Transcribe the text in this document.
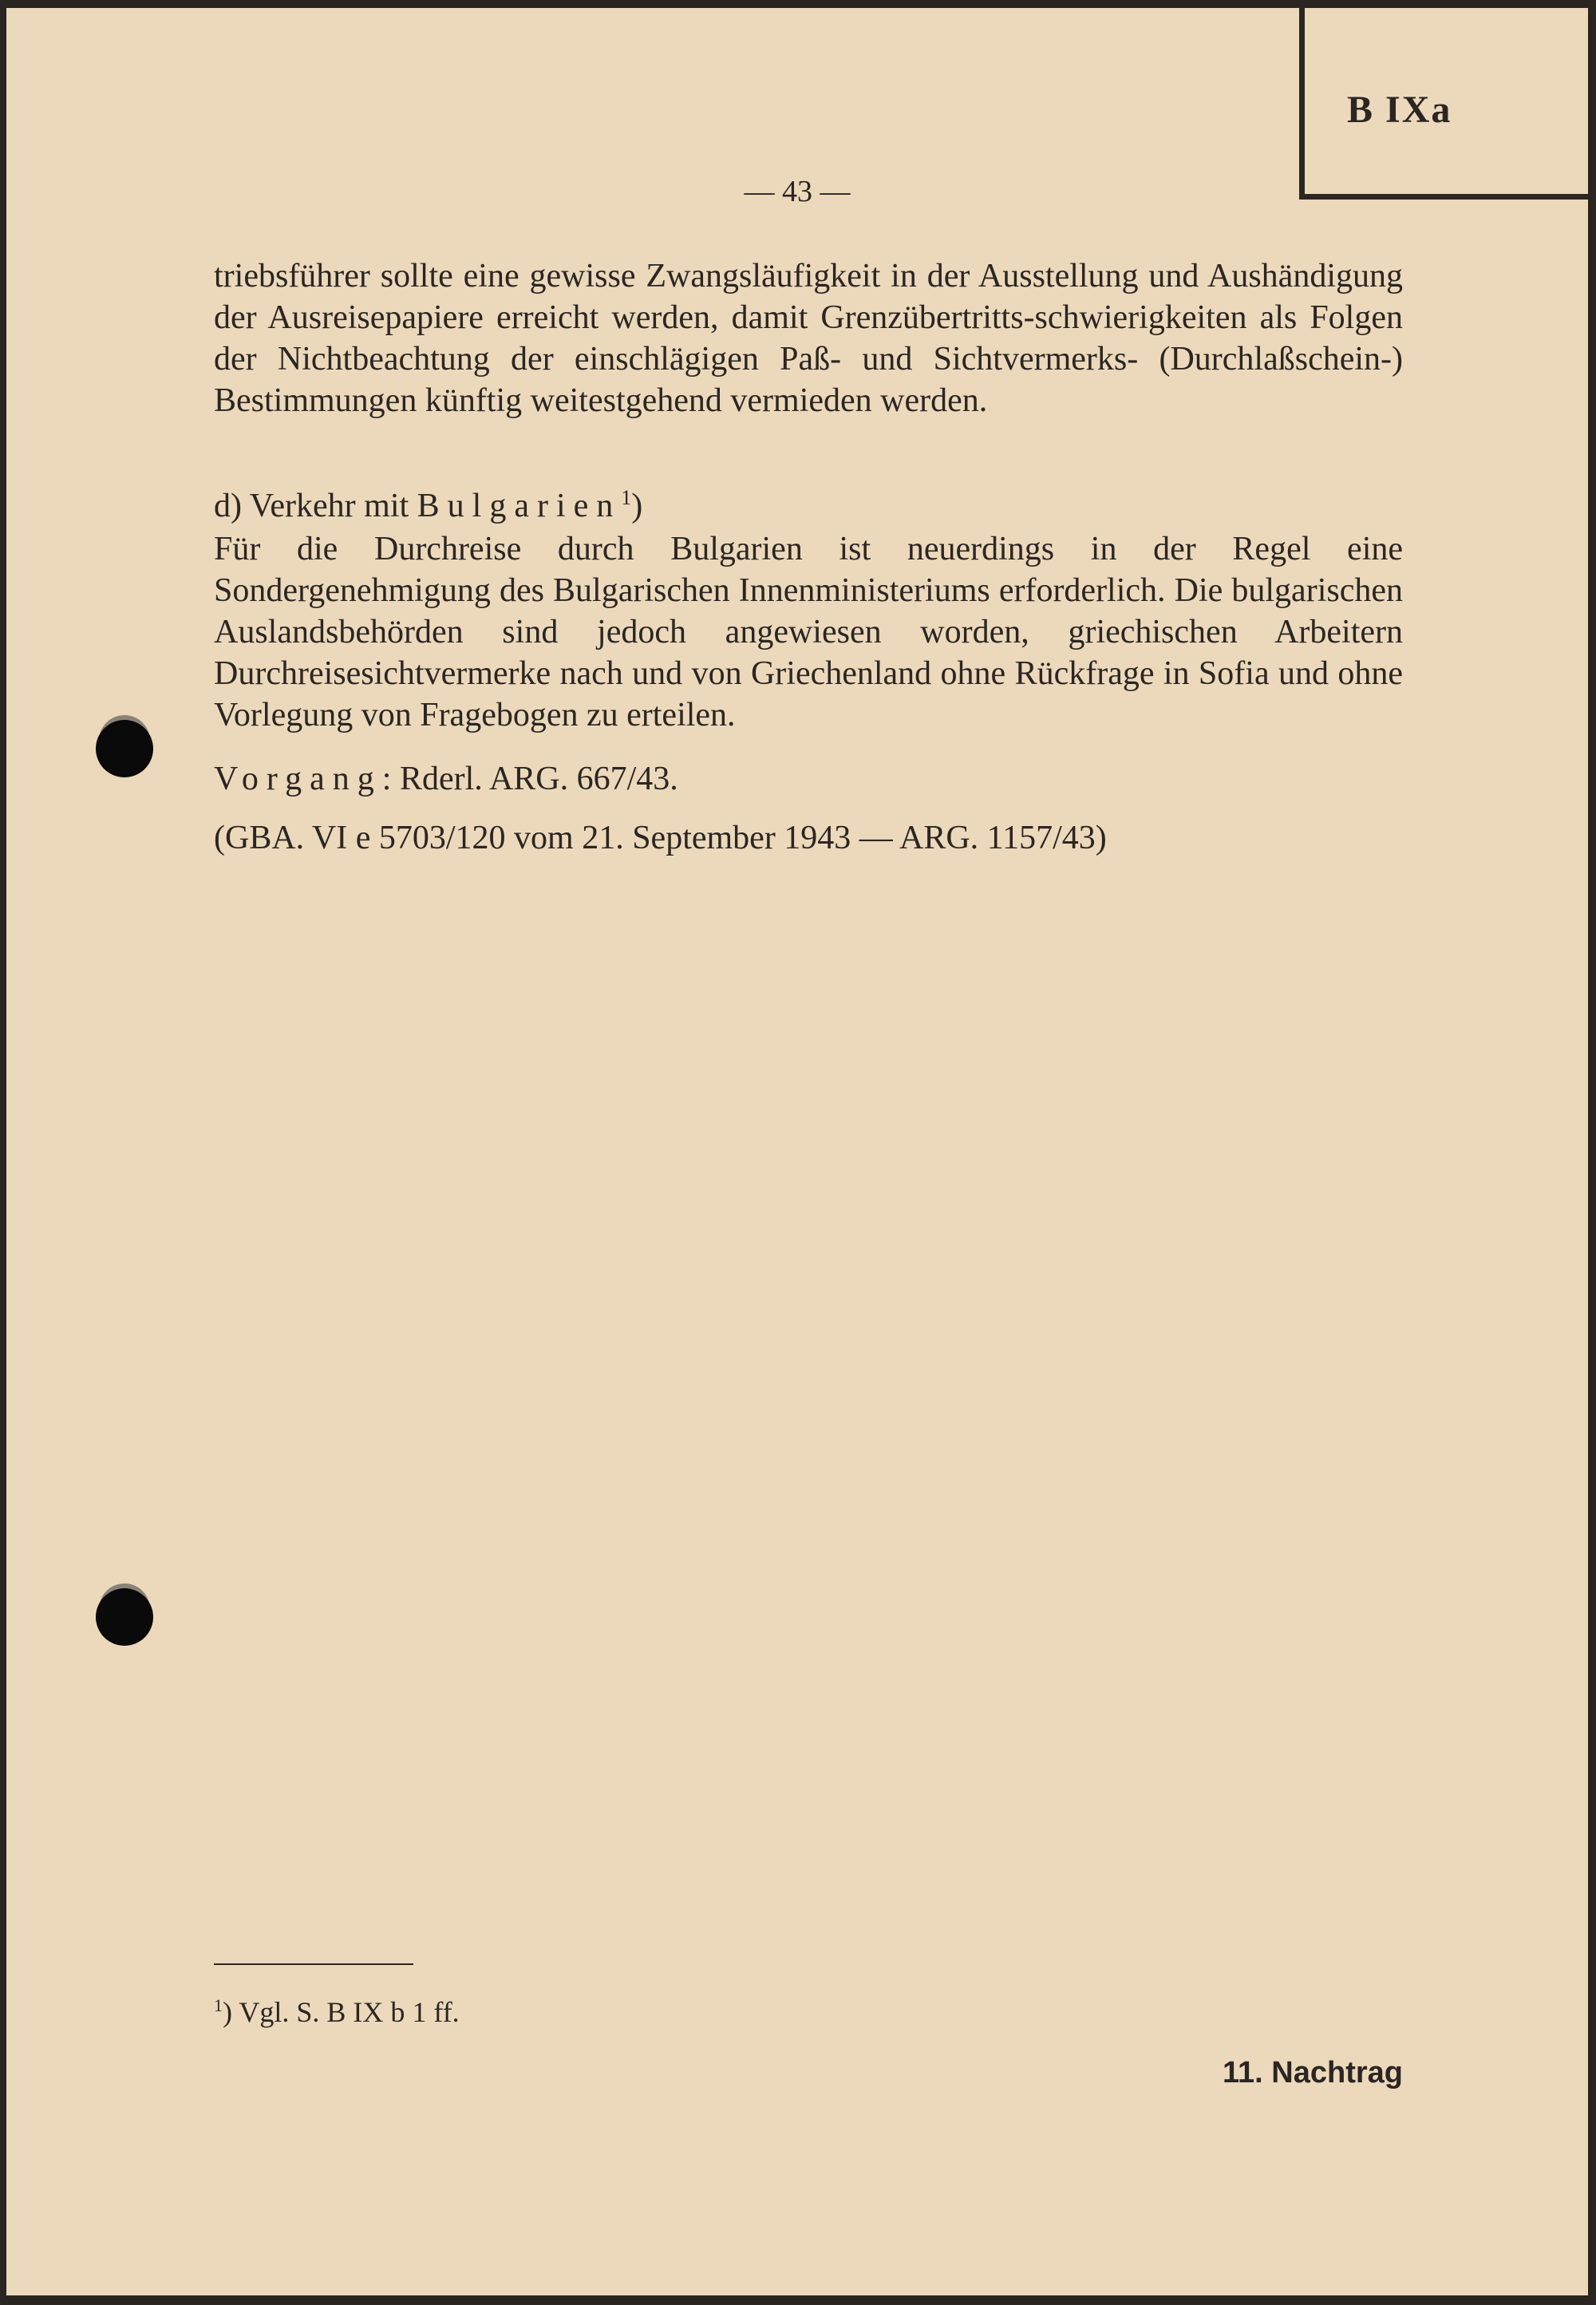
B IXa
— 43 —
triebsführer sollte eine gewisse Zwangsläufigkeit in der Ausstellung und Aushändigung der Ausreisepapiere erreicht werden, damit Grenzübertritts-schwierigkeiten als Folgen der Nichtbeachtung der einschlägigen Paß- und Sichtvermerks- (Durchlaßschein-) Bestimmungen künftig weitestgehend vermieden werden.
d) Verkehr mit Bulgarien$^1$)
Für die Durchreise durch Bulgarien ist neuerdings in der Regel eine Sondergenehmigung des Bulgarischen Innenministeriums erforderlich. Die bulgarischen Auslandsbehörden sind jedoch angewiesen worden, griechischen Arbeitern Durchreisesichtvermerke nach und von Griechenland ohne Rückfrage in Sofia und ohne Vorlegung von Fragebogen zu erteilen.
Vorgang: Rderl. ARG. 667/43.
(GBA. VI e 5703/120 vom 21. September 1943 — ARG. 1157/43)
$^1$) Vgl. S. B IX b 1 ff.
11. Nachtrag
